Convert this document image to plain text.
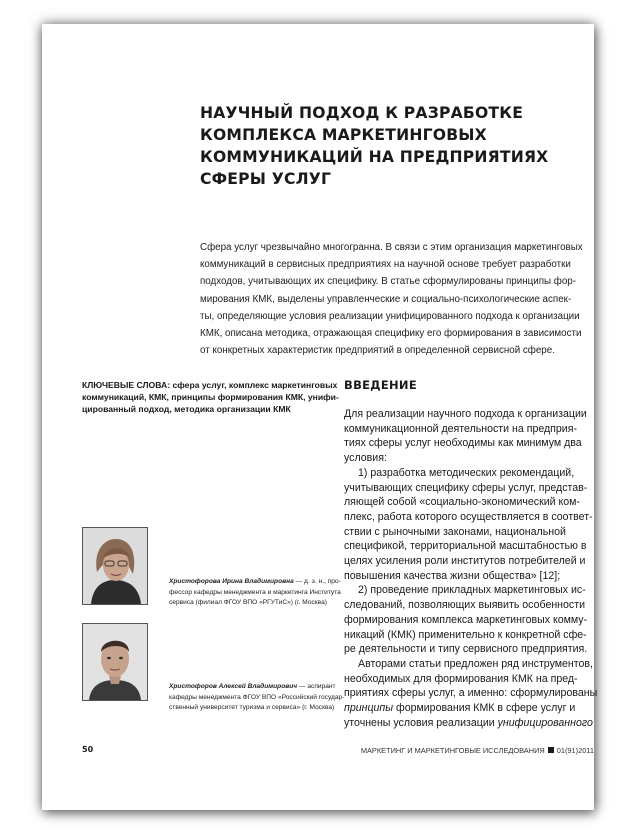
НАУЧНЫЙ ПОДХОД К РАЗРАБОТКЕ
КОМПЛЕКСА МАРКЕТИНГОВЫХ
КОММУНИКАЦИЙ НА ПРЕДПРИЯТИЯХ
СФЕРЫ УСЛУГ
Сфера услуг чрезвычайно многогранна. В связи с этим организация маркетинговых
коммуникаций в сервисных предприятиях на научной основе требует разработки
подходов, учитывающих их специфику. В статье сформулированы принципы фор-
мирования КМК, выделены управленческие и социально-психологические аспек-
ты, определяющие условия реализации унифицированного подхода к организации
КМК, описана методика, отражающая специфику его формирования в зависимости
от конкретных характеристик предприятий в определенной сервисной сфере.
КЛЮЧЕВЫЕ СЛОВА: сфера услуг, комплекс маркетинговых
коммуникаций, КМК, принципы формирования КМК, унифи-
цированный подход, методика организации КМК
ВВЕДЕНИЕ
Для реализации научного подхода к организации
коммуникационной деятельности на предприя-
тиях сферы услуг необходимы как минимум два
условия:
1) разработка методических рекомендаций,
учитывающих специфику сферы услуг, представ-
ляющей собой «социально-экономический ком-
плекс, работа которого осуществляется в соответ-
ствии с рыночными законами, национальной
спецификой, территориальной масштабностью в
целях усиления роли институтов потребителей и
повышения качества жизни общества» [12];
2) проведение прикладных маркетинговых ис-
следований, позволяющих выявить особенности
формирования комплекса маркетинговых комму-
никаций (КМК) применительно к конкретной сфе-
ре деятельности и типу сервисного предприятия.
Авторами статьи предложен ряд инструментов,
необходимых для формирования КМК на пред-
приятиях сферы услуг, а именно: сформулированы
принципы формирования КМК в сфере услуг и
уточнены условия реализации унифицированного
Христофорова Ирина Владимировна — д. э. н., про-
фессор кафедры менеджмента и маркетинга Института
сервиса (филиал ФГОУ ВПО «РГУТиС») (г. Москва)
Христофоров Алексей Владимирович — аспирант
кафедры менеджмента ФГОУ ВПО «Российский государ-
ственный университет туризма и сервиса» (г. Москва)
50	МАРКЕТИНГ И МАРКЕТИНГОВЫЕ ИССЛЕДОВАНИЯ 01(91)2011
